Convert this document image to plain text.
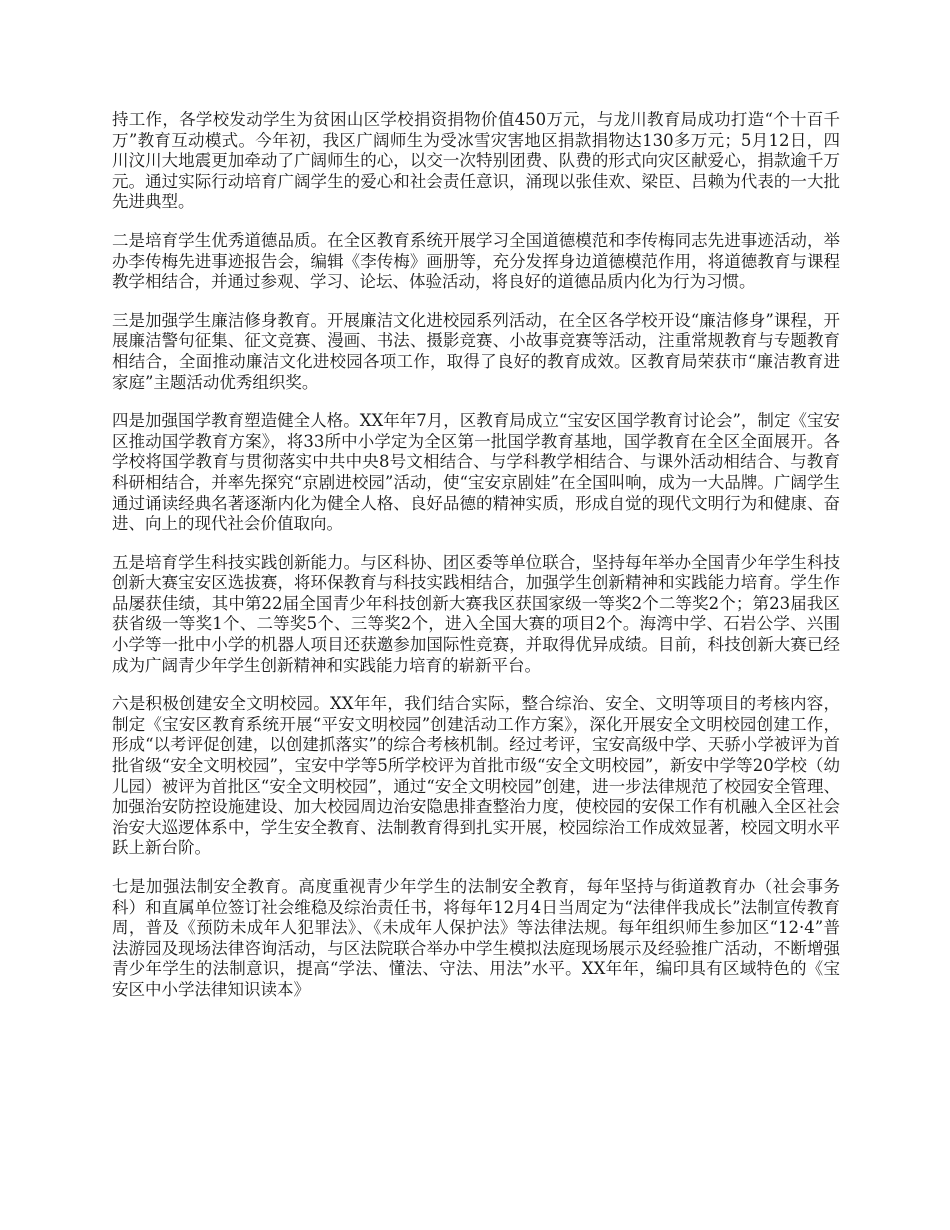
持工作，各学校发动学生为贫困山区学校捐资捐物价值450万元，与龙川教育局成功打造“个十百千万”教育互动模式。今年初，我区广阔师生为受冰雪灾害地区捐款捐物达130多万元；5月12日，四川汶川大地震更加牵动了广阔师生的心，以交一次特别团费、队费的形式向灾区献爱心，捐款逾千万元。通过实际行动培育广阔学生的爱心和社会责任意识，涌现以张佳欢、梁臣、吕赖为代表的一大批先进典型。

二是培育学生优秀道德品质。在全区教育系统开展学习全国道德模范和李传梅同志先进事迹活动，举办李传梅先进事迹报告会，编辑《李传梅》画册等，充分发挥身边道德模范作用，将道德教育与课程教学相结合，并通过参观、学习、论坛、体验活动，将良好的道德品质内化为行为习惯。

三是加强学生廉洁修身教育。开展廉洁文化进校园系列活动，在全区各学校开设“廉洁修身”课程，开展廉洁警句征集、征文竞赛、漫画、书法、摄影竞赛、小故事竞赛等活动，注重常规教育与专题教育相结合，全面推动廉洁文化进校园各项工作，取得了良好的教育成效。区教育局荣获市“廉洁教育进家庭”主题活动优秀组织奖。

四是加强国学教育塑造健全人格。XX年年7月，区教育局成立“宝安区国学教育讨论会”，制定《宝安区推动国学教育方案》，将33所中小学定为全区第一批国学教育基地，国学教育在全区全面展开。各学校将国学教育与贯彻落实中共中央8号文相结合、与学科教学相结合、与课外活动相结合、与教育科研相结合，并率先探究“京剧进校园”活动，使“宝安京剧娃”在全国叫响，成为一大品牌。广阔学生通过诵读经典名著逐渐内化为健全人格、良好品德的精神实质，形成自觉的现代文明行为和健康、奋进、向上的现代社会价值取向。

五是培育学生科技实践创新能力。与区科协、团区委等单位联合，坚持每年举办全国青少年学生科技创新大赛宝安区选拔赛，将环保教育与科技实践相结合，加强学生创新精神和实践能力培育。学生作品屡获佳绩，其中第22届全国青少年科技创新大赛我区获国家级一等奖2个二等奖2个；第23届我区获省级一等奖1个、二等奖5个、三等奖2个，进入全国大赛的项目2个。海湾中学、石岩公学、兴围小学等一批中小学的机器人项目还获邀参加国际性竞赛，并取得优异成绩。目前，科技创新大赛已经成为广阔青少年学生创新精神和实践能力培育的崭新平台。

六是积极创建安全文明校园。XX年年，我们结合实际，整合综治、安全、文明等项目的考核内容，制定《宝安区教育系统开展“平安文明校园”创建活动工作方案》，深化开展安全文明校园创建工作，形成“以考评促创建，以创建抓落实”的综合考核机制。经过考评，宝安高级中学、天骄小学被评为首批省级“安全文明校园”，宝安中学等5所学校评为首批市级“安全文明校园”，新安中学等20学校（幼儿园）被评为首批区“安全文明校园”，通过“安全文明校园”创建，进一步法律规范了校园安全管理、加强治安防控设施建设、加大校园周边治安隐患排查整治力度，使校园的安保工作有机融入全区社会治安大巡逻体系中，学生安全教育、法制教育得到扎实开展，校园综治工作成效显著，校园文明水平跃上新台阶。

七是加强法制安全教育。高度重视青少年学生的法制安全教育，每年坚持与街道教育办（社会事务科）和直属单位签订社会维稳及综治责任书，将每年12月4日当周定为“法律伴我成长”法制宣传教育周，普及《预防未成年人犯罪法》、《未成年人保护法》等法律法规。每年组织师生参加区“12·4”普法游园及现场法律咨询活动，与区法院联合举办中学生模拟法庭现场展示及经验推广活动，不断增强青少年学生的法制意识，提高“学法、懂法、守法、用法”水平。XX年年，编印具有区域特色的《宝安区中小学法律知识读本》
